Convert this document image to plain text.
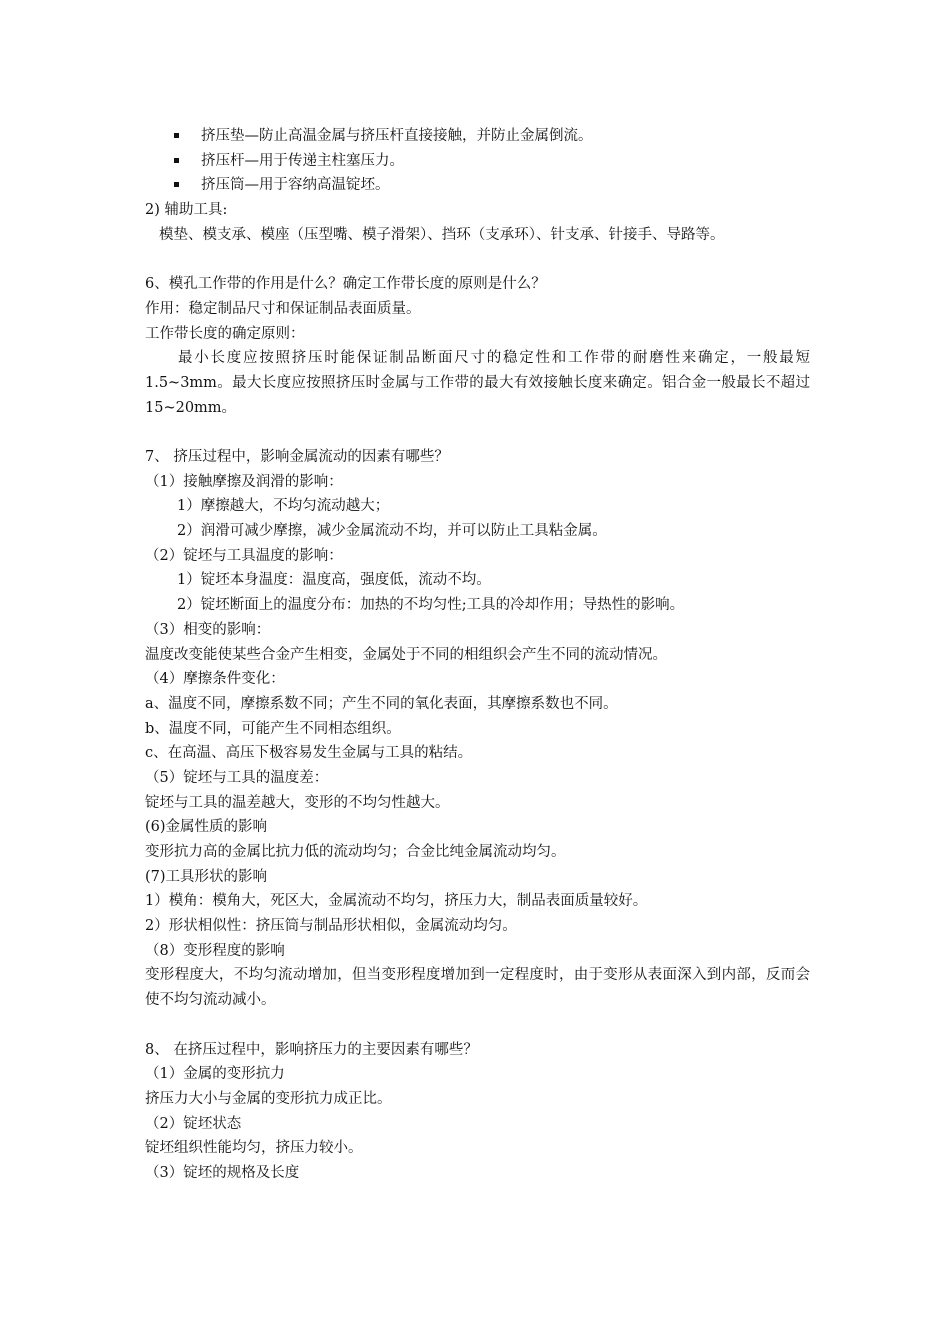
挤压垫—防止高温金属与挤压杆直接接触，并防止金属倒流。
挤压杆—用于传递主柱塞压力。
挤压筒—用于容纳高温锭坯。
2) 辅助工具:
模垫、模支承、模座（压型嘴、模子滑架）、挡环（支承环）、针支承、针接手、导路等。
6、模孔工作带的作用是什么？确定工作带长度的原则是什么？
作用：稳定制品尺寸和保证制品表面质量。
工作带长度的确定原则：
最小长度应按照挤压时能保证制品断面尺寸的稳定性和工作带的耐磨性来确定，一般最短 1.5~3mm。最大长度应按照挤压时金属与工作带的最大有效接触长度来确定。铝合金一般最长不超过 15~20mm。
7、 挤压过程中，影响金属流动的因素有哪些？
（1）接触摩擦及润滑的影响：
1）摩擦越大，不均匀流动越大；
2）润滑可减少摩擦，减少金属流动不均，并可以防止工具粘金属。
（2）锭坯与工具温度的影响：
1）锭坯本身温度：温度高，强度低，流动不均。
2）锭坯断面上的温度分布：加热的不均匀性;工具的冷却作用；导热性的影响。
（3）相变的影响：
温度改变能使某些合金产生相变，金属处于不同的相组织会产生不同的流动情况。
（4）摩擦条件变化：
a、温度不同，摩擦系数不同；产生不同的氧化表面，其摩擦系数也不同。
b、温度不同，可能产生不同相态组织。
c、在高温、高压下极容易发生金属与工具的粘结。
（5）锭坯与工具的温度差：
锭坯与工具的温差越大，变形的不均匀性越大。
(6)金属性质的影响
变形抗力高的金属比抗力低的流动均匀；合金比纯金属流动均匀。
(7)工具形状的影响
1）模角：模角大，死区大，金属流动不均匀，挤压力大，制品表面质量较好。
2）形状相似性：挤压筒与制品形状相似，金属流动均匀。
（8）变形程度的影响
变形程度大，不均匀流动增加，但当变形程度增加到一定程度时，由于变形从表面深入到内部，反而会使不均匀流动减小。
8、 在挤压过程中，影响挤压力的主要因素有哪些？
（1）金属的变形抗力
挤压力大小与金属的变形抗力成正比。
（2）锭坯状态
锭坯组织性能均匀，挤压力较小。
（3）锭坯的规格及长度
